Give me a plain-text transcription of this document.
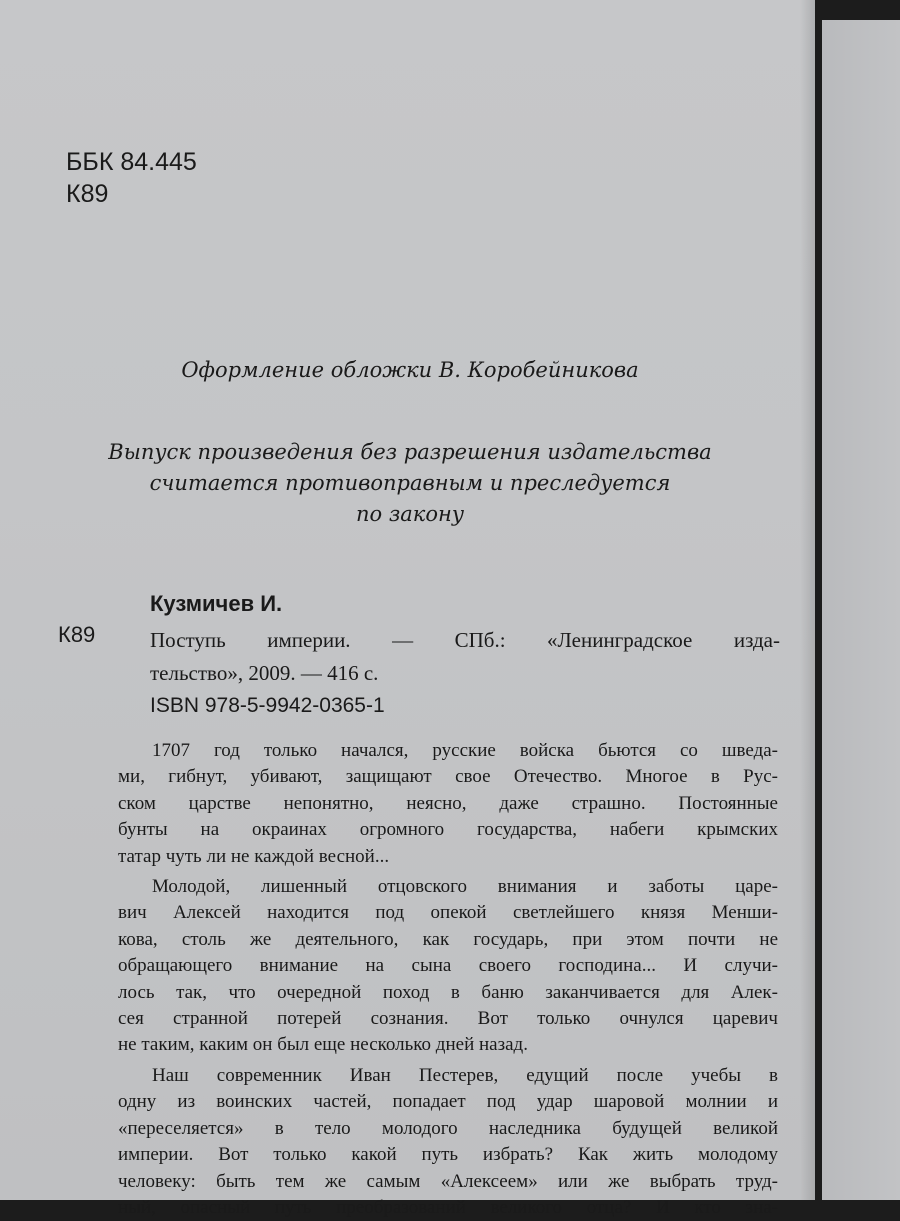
ББК 84.445
К89
Оформление обложки В. Коробейникова
Выпуск произведения без разрешения издательства
считается противоправным и преследуется
по закону
Кузмичев И.
К89	Поступь империи. — СПб.: «Ленинградское изда-
тельство», 2009. — 416 с.
ISBN 978-5-9942-0365-1
1707 год только начался, русские войска бьются со шведа-
ми, гибнут, убивают, защищают свое Отечество. Многое в Рус-
ском царстве непонятно, неясно, даже страшно. Постоянные
бунты на окраинах огромного государства, набеги крымских
татар чуть ли не каждой весной...
Молодой, лишенный отцовского внимания и заботы царе-
вич Алексей находится под опекой светлейшего князя Менши-
кова, столь же деятельного, как государь, при этом почти не
обращающего внимание на сына своего господина... И случи-
лось так, что очередной поход в баню заканчивается для Алек-
сея странной потерей сознания. Вот только очнулся царевич
не таким, каким он был еще несколько дней назад.
Наш современник Иван Пестерев, едущий после учебы в
одну из воинских частей, попадает под удар шаровой молнии и
«переселяется» в тело молодого наследника будущей великой
империи. Вот только какой путь избрать? Как жить молодому
человеку: быть тем же самым «Алексеем» или же выбрать труд-
ный, опасный путь преобразований великого отца? И кто зна-
